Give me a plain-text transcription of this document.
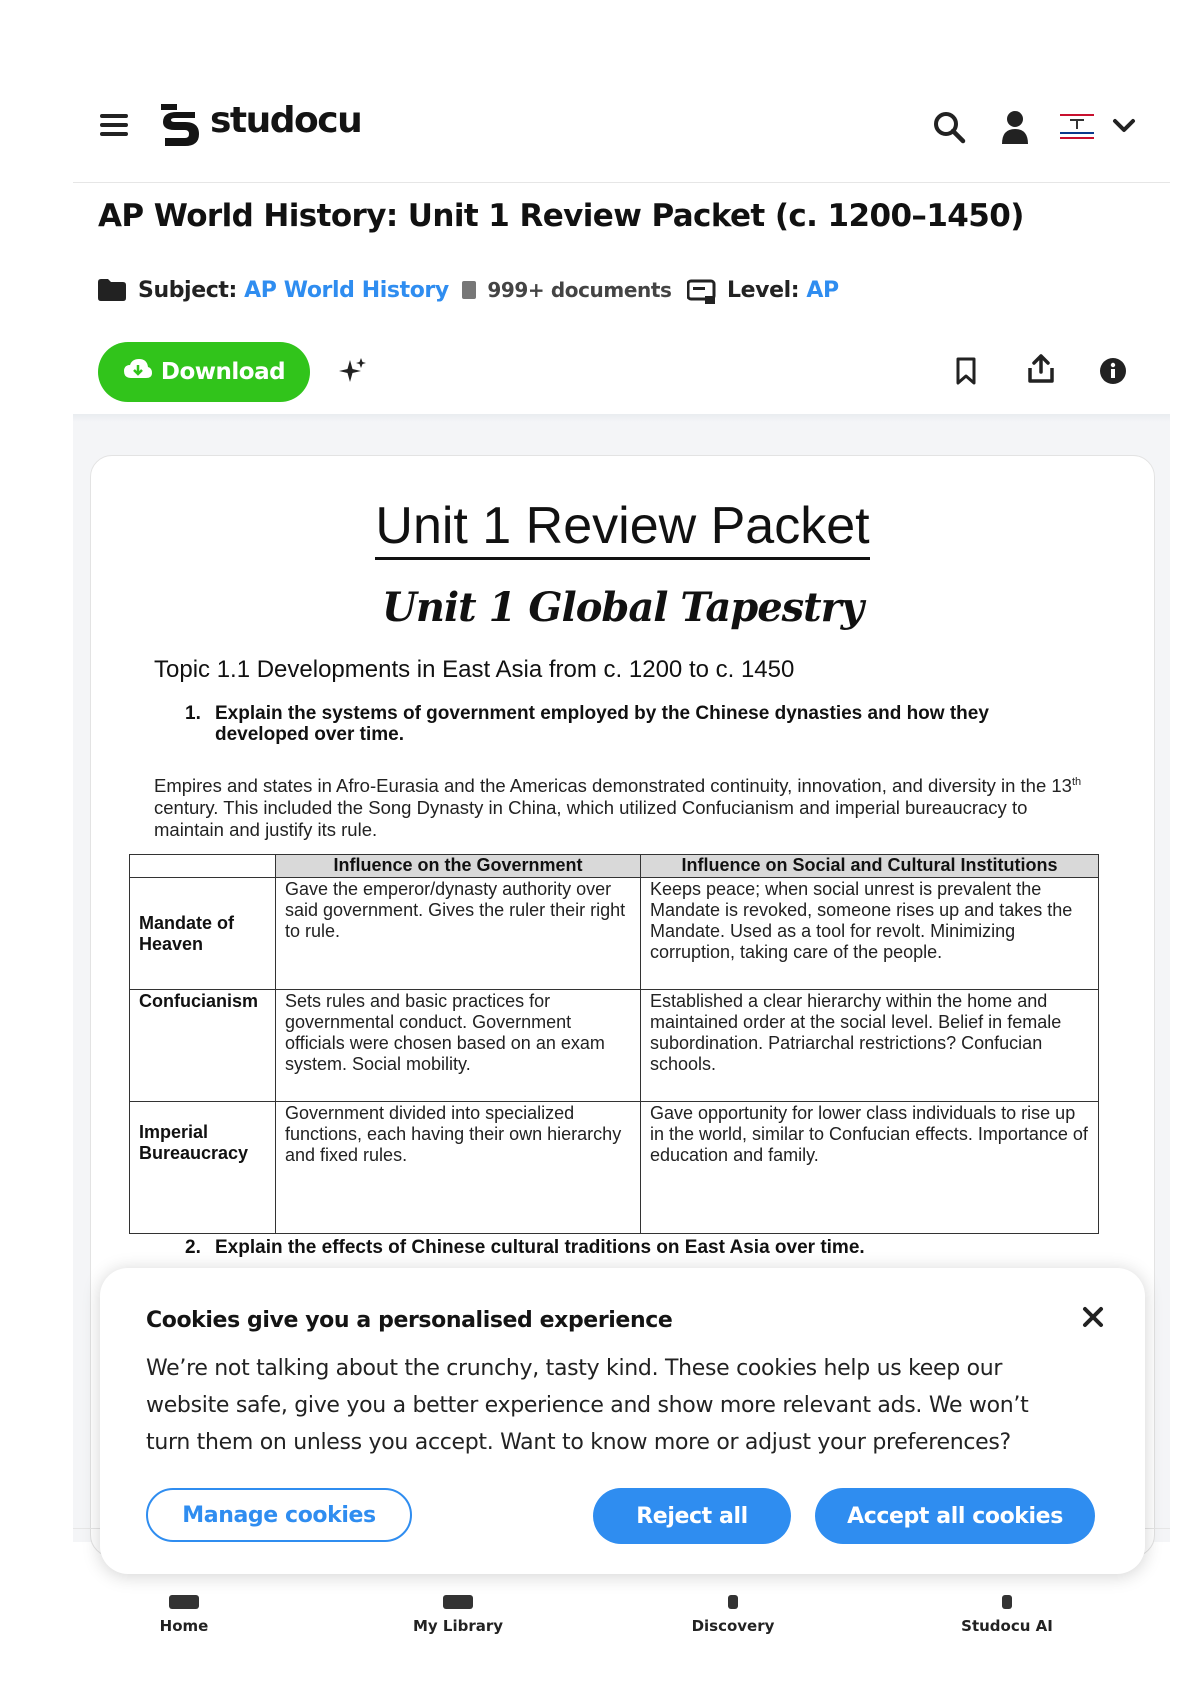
studocu
AP World History: Unit 1 Review Packet (c. 1200–1450)
Subject: AP World History 999+ documents	Level: AP
Download
Unit 1 Review Packet
Unit 1 Global Tapestry
Topic 1.1 Developments in East Asia from c. 1200 to c. 1450
1. Explain the systems of government employed by the Chinese dynasties and how they
developed over time.
Empires and states in Afro-Eurasia and the Americas demonstrated continuity, innovation, and diversity in the 13th century. This included the Song Dynasty in China, which utilized Confucianism and imperial bureaucracy to maintain and justify its rule.
	Influence on the Government	Influence on Social and Cultural Institutions
Mandate of Heaven	Gave the emperor/dynasty authority over said government. Gives the ruler their right to rule.	Keeps peace; when social unrest is prevalent the Mandate is revoked, someone rises up and takes the Mandate. Used as a tool for revolt. Minimizing corruption, taking care of the people.
Confucianism	Sets rules and basic practices for governmental conduct. Government officials were chosen based on an exam system. Social mobility.	Established a clear hierarchy within the home and maintained order at the social level. Belief in female subordination. Patriarchal restrictions? Confucian schools.
Imperial Bureaucracy	Government divided into specialized functions, each having their own hierarchy and fixed rules.	Gave opportunity for lower class individuals to rise up in the world, similar to Confucian effects. Importance of education and family.
2. Explain the effects of Chinese cultural traditions on East Asia over time.
Home	My Library	Discovery	Studocu AI
Cookies give you a personalised experience
We’re not talking about the crunchy, tasty kind. These cookies help us keep our website safe, give you a better experience and show more relevant ads. We won’t turn them on unless you accept. Want to know more or adjust your preferences?
Manage cookies	Reject all	Accept all cookies
